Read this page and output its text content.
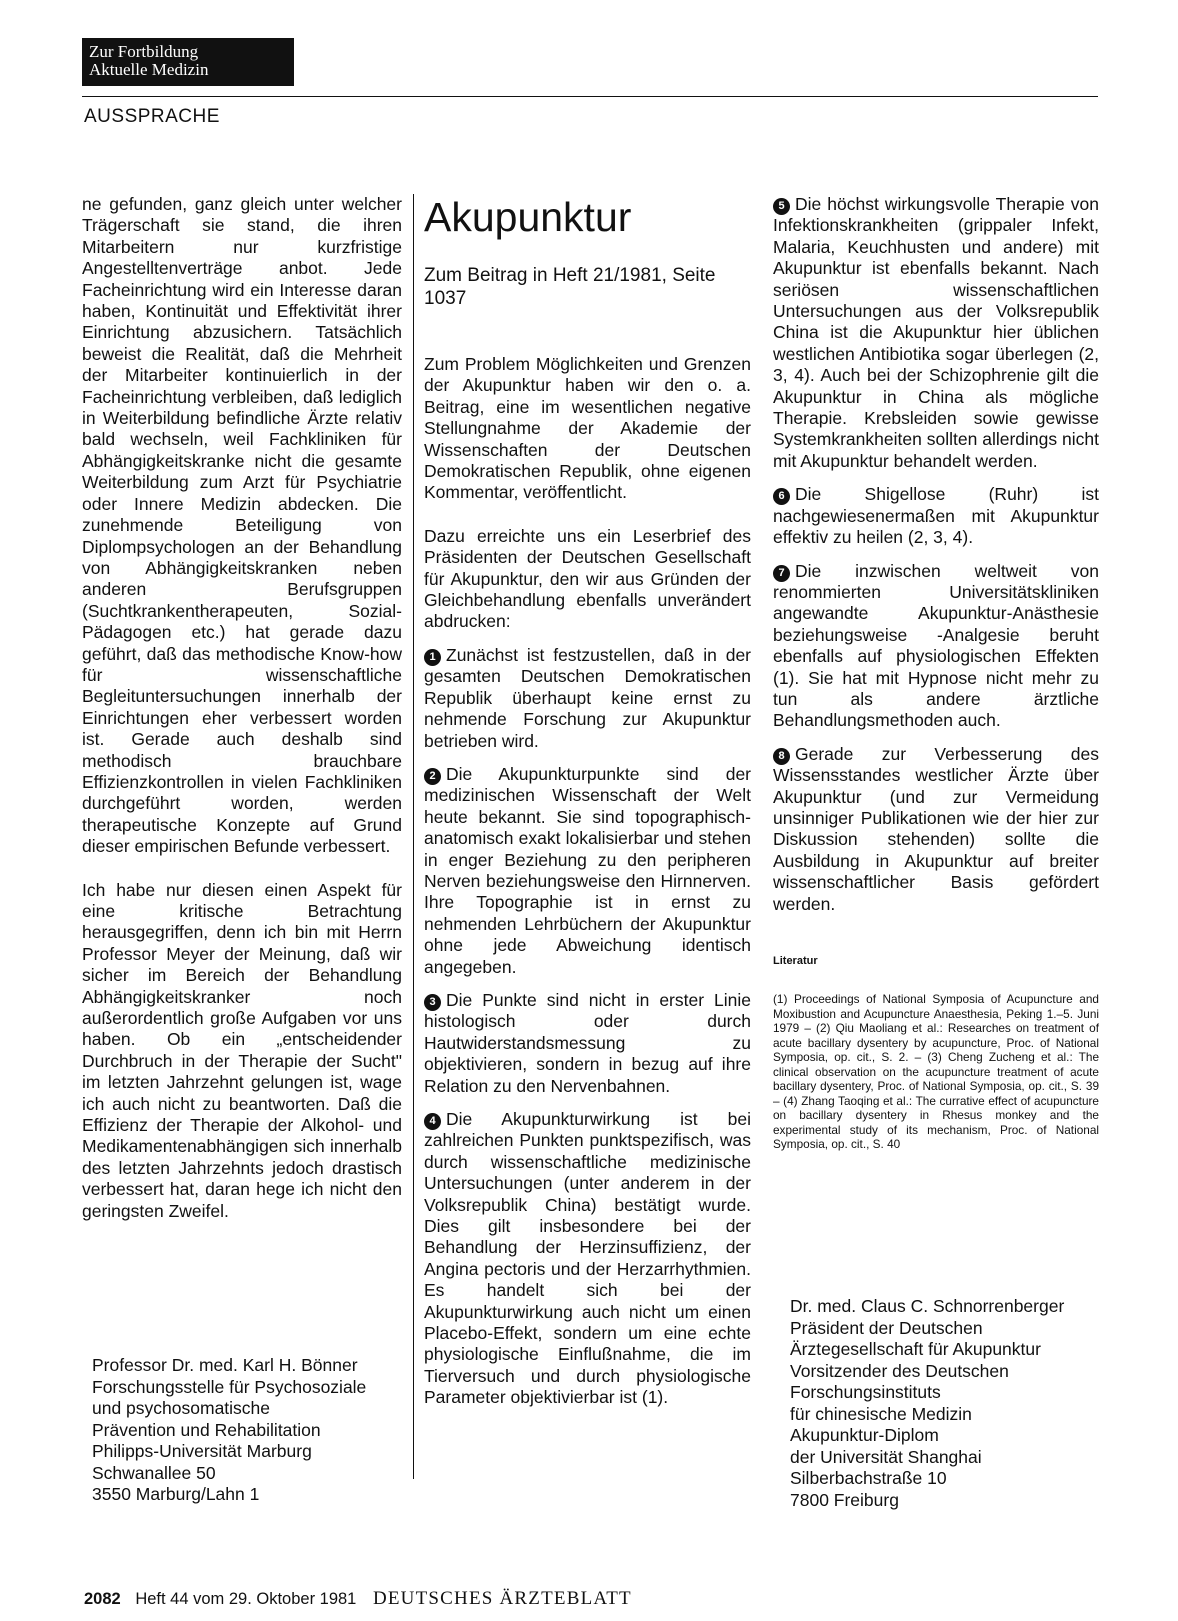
Zur Fortbildung
Aktuelle Medizin
AUSSPRACHE

ne gefunden, ganz gleich unter welcher Trägerschaft sie stand, die ihren Mitarbeitern nur kurzfristige Angestelltenverträge anbot. Jede Facheinrichtung wird ein Interesse daran haben, Kontinuität und Effektivität ihrer Einrichtung abzusichern. Tatsächlich beweist die Realität, daß die Mehrheit der Mitarbeiter kontinuierlich in der Facheinrichtung verbleiben, daß lediglich in Weiterbildung befindliche Ärzte relativ bald wechseln, weil Fachkliniken für Abhängigkeitskranke nicht die gesamte Weiterbildung zum Arzt für Psychiatrie oder Innere Medizin abdecken. Die zunehmende Beteiligung von Diplompsychologen an der Behandlung von Abhängigkeitskranken neben anderen Berufsgruppen (Suchtkrankentherapeuten, Sozial-Pädagogen etc.) hat gerade dazu geführt, daß das methodische Know-how für wissenschaftliche Begleituntersuchungen innerhalb der Einrichtungen eher verbessert worden ist. Gerade auch deshalb sind methodisch brauchbare Effizienzkontrollen in vielen Fachkliniken durchgeführt worden, werden therapeutische Konzepte auf Grund dieser empirischen Befunde verbessert.

Ich habe nur diesen einen Aspekt für eine kritische Betrachtung herausgegriffen, denn ich bin mit Herrn Professor Meyer der Meinung, daß wir sicher im Bereich der Behandlung Abhängigkeitskranker noch außerordentlich große Aufgaben vor uns haben. Ob ein „entscheidender Durchbruch in der Therapie der Sucht" im letzten Jahrzehnt gelungen ist, wage ich auch nicht zu beantworten. Daß die Effizienz der Therapie der Alkohol- und Medikamentenabhängigen sich innerhalb des letzten Jahrzehnts jedoch drastisch verbessert hat, daran hege ich nicht den geringsten Zweifel.

Professor Dr. med. Karl H. Bönner
Forschungsstelle für Psychosoziale
und psychosomatische
Prävention und Rehabilitation
Philipps-Universität Marburg
Schwanallee 50
3550 Marburg/Lahn 1
Akupunktur
Zum Beitrag in Heft 21/1981, Seite 1037

Zum Problem Möglichkeiten und Grenzen der Akupunktur haben wir den o. a. Beitrag, eine im wesentlichen negative Stellungnahme der Akademie der Wissenschaften der Deutschen Demokratischen Republik, ohne eigenen Kommentar, veröffentlicht.

Dazu erreichte uns ein Leserbrief des Präsidenten der Deutschen Gesellschaft für Akupunktur, den wir aus Gründen der Gleichbehandlung ebenfalls unverändert abdrucken:

1 Zunächst ist festzustellen, daß in der gesamten Deutschen Demokratischen Republik überhaupt keine ernst zu nehmende Forschung zur Akupunktur betrieben wird.

2 Die Akupunkturpunkte sind der medizinischen Wissenschaft der Welt heute bekannt. Sie sind topographisch-anatomisch exakt lokalisierbar und stehen in enger Beziehung zu den peripheren Nerven beziehungsweise den Hirnnerven. Ihre Topographie ist in ernst zu nehmenden Lehrbüchern der Akupunktur ohne jede Abweichung identisch angegeben.

3 Die Punkte sind nicht in erster Linie histologisch oder durch Hautwiderstandsmessung zu objektivieren, sondern in bezug auf ihre Relation zu den Nervenbahnen.

4 Die Akupunkturwirkung ist bei zahlreichen Punkten punktspezifisch, was durch wissenschaftliche medizinische Untersuchungen (unter anderem in der Volksrepublik China) bestätigt wurde. Dies gilt insbesondere bei der Behandlung der Herzinsuffizienz, der Angina pectoris und der Herzarrhythmien. Es handelt sich bei der Akupunkturwirkung auch nicht um einen Placebo-Effekt, sondern um eine echte physiologische Einflußnahme, die im Tierversuch und durch physiologische Parameter objektivierbar ist (1).

5 Die höchst wirkungsvolle Therapie von Infektionskrankheiten (grippaler Infekt, Malaria, Keuchhusten und andere) mit Akupunktur ist ebenfalls bekannt. Nach seriösen wissenschaftlichen Untersuchungen aus der Volksrepublik China ist die Akupunktur hier üblichen westlichen Antibiotika sogar überlegen (2, 3, 4). Auch bei der Schizophrenie gilt die Akupunktur in China als mögliche Therapie. Krebsleiden sowie gewisse Systemkrankheiten sollten allerdings nicht mit Akupunktur behandelt werden.

6 Die Shigellose (Ruhr) ist nachgewiesenermaßen mit Akupunktur effektiv zu heilen (2, 3, 4).

7 Die inzwischen weltweit von renommierten Universitätskliniken angewandte Akupunktur-Anästhesie beziehungsweise -Analgesie beruht ebenfalls auf physiologischen Effekten (1). Sie hat mit Hypnose nicht mehr zu tun als andere ärztliche Behandlungsmethoden auch.

8 Gerade zur Verbesserung des Wissensstandes westlicher Ärzte über Akupunktur (und zur Vermeidung unsinniger Publikationen wie der hier zur Diskussion stehenden) sollte die Ausbildung in Akupunktur auf breiter wissenschaftlicher Basis gefördert werden.

Literatur

(1) Proceedings of National Symposia of Acupuncture and Moxibustion and Acupuncture Anaesthesia, Peking 1.–5. Juni 1979 – (2) Qiu Maoliang et al.: Researches on treatment of acute bacillary dysentery by acupuncture, Proc. of National Symposia, op. cit., S. 2. – (3) Cheng Zucheng et al.: The clinical observation on the acupuncture treatment of acute bacillary dysentery, Proc. of National Symposia, op. cit., S. 39 – (4) Zhang Taoqing et al.: The currative effect of acupuncture on bacillary dysentery in Rhesus monkey and the experimental study of its mechanism, Proc. of National Symposia, op. cit., S. 40

Dr. med. Claus C. Schnorrenberger
Präsident der Deutschen
Ärztegesellschaft für Akupunktur
Vorsitzender des Deutschen
Forschungsinstituts
für chinesische Medizin
Akupunktur-Diplom
der Universität Shanghai
Silberbachstraße 10
7800 Freiburg
2082 Heft 44 vom 29. Oktober 1981 DEUTSCHES ÄRZTEBLATT
